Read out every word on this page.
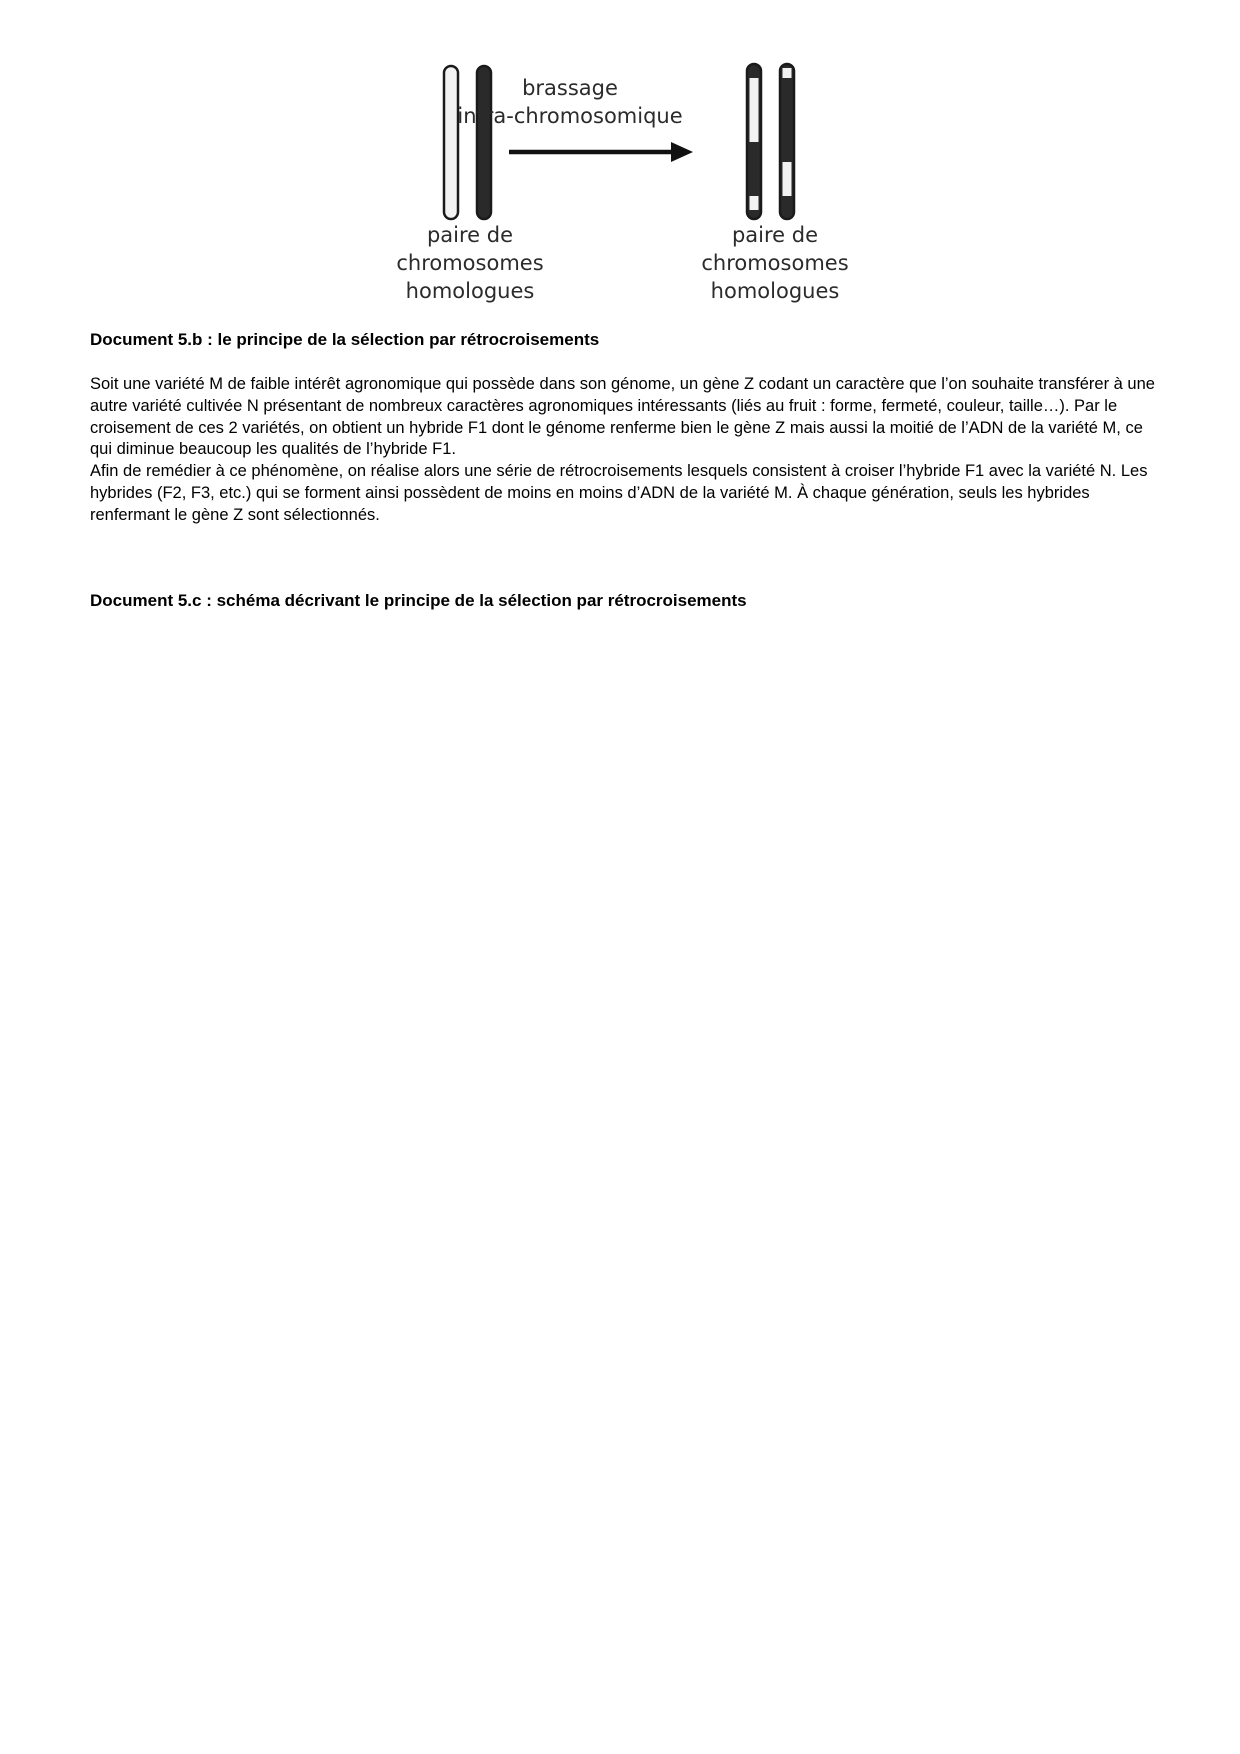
brassage
intra-chromosomique
paire de
chromosomes
homologues
paire de
chromosomes
homologues
Document 5.b : le principe de la sélection par rétrocroisements

Soit une variété M de faible intérêt agronomique qui possède dans son génome, un gène Z codant un caractère que l’on souhaite transférer à une autre variété cultivée N présentant de nombreux caractères agronomiques intéressants (liés au fruit : forme, fermeté, couleur, taille…). Par le croisement de ces 2 variétés, on obtient un hybride F1 dont le génome renferme bien le gène Z mais aussi la moitié de l’ADN de la variété M, ce qui diminue beaucoup les qualités de l’hybride F1.

Afin de remédier à ce phénomène, on réalise alors une série de rétrocroisements lesquels consistent à croiser l’hybride F1 avec la variété N. Les hybrides (F2, F3, etc.) qui se forment ainsi possèdent de moins en moins d’ADN de la variété M. À chaque génération, seuls les hybrides renfermant le gène Z sont sélectionnés.

Document 5.c : schéma décrivant le principe de la sélection par rétrocroisements
